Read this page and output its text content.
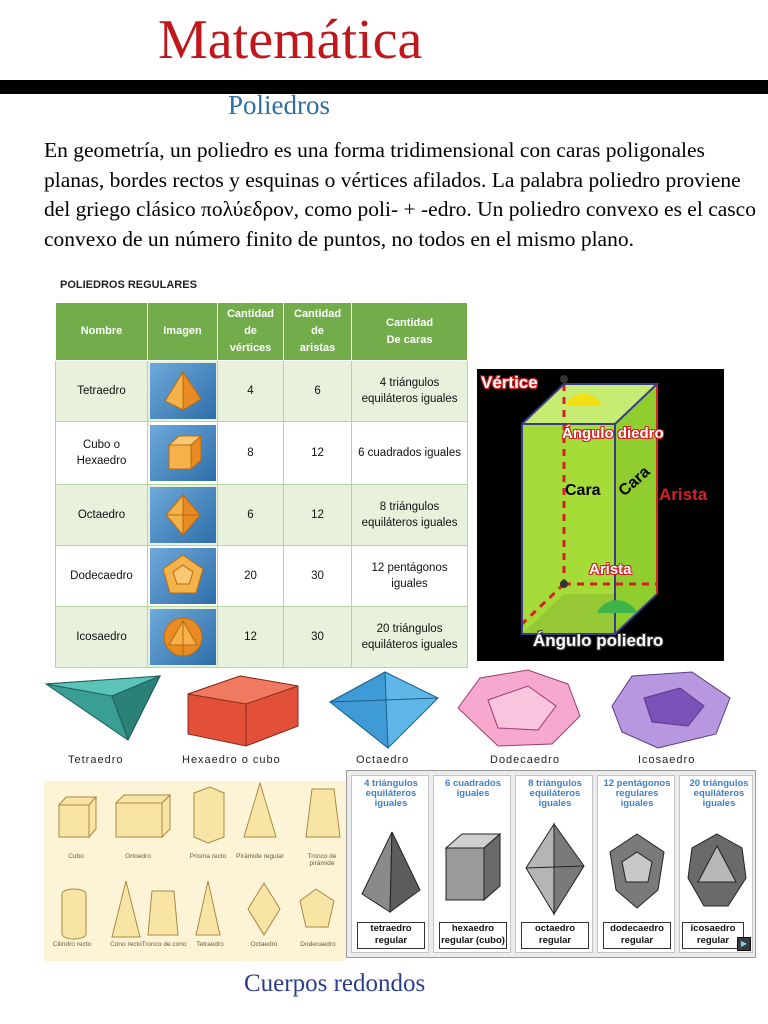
Matemática
Poliedros

En geometría, un poliedro es una forma tridimensional con caras poligonales planas, bordes rectos y esquinas o vértices afilados. La palabra poliedro proviene del griego clásico πολύεδρον, como poli- + -edro. Un poliedro convexo es el casco convexo de un número finito de puntos, no todos en el mismo plano.

POLIEDROS REGULARES
Nombre	Imagen	Cantidad de vértices	Cantidad de aristas	Cantidad De caras
Tetraedro		4	6	4 triángulos equiláteros iguales
Cubo o Hexaedro		8	12	6 cuadrados iguales
Octaedro		6	12	8 triángulos equiláteros iguales
Dodecaedro		20	30	12 pentágonos iguales
Icosaedro		12	30	20 triángulos equiláteros iguales
Vértice
Ángulo diedro
Cara Cara Arista
Arista
Ángulo poliedro
Tetraedro	Hexaedro o cubo	Octaedro	Dodecaedro	Icosaedro
Cubo	Ortoedro	Prisma recto	Pirámide regular	Tronco de pirámide
Cilindro recto	Cono recto Tronco de cono	Tetraedro	Octaedro	Dodecaedro
4 triángulos equiláteros iguales
tetraedro regular
6 cuadrados iguales
hexaedro regular (cubo)
8 triángulos equiláteros iguales
octaedro regular
12 pentágonos regulares iguales
dodecaedro regular
20 triángulos equiláteros iguales
icosaedro regular	▶
Cuerpos redondos
